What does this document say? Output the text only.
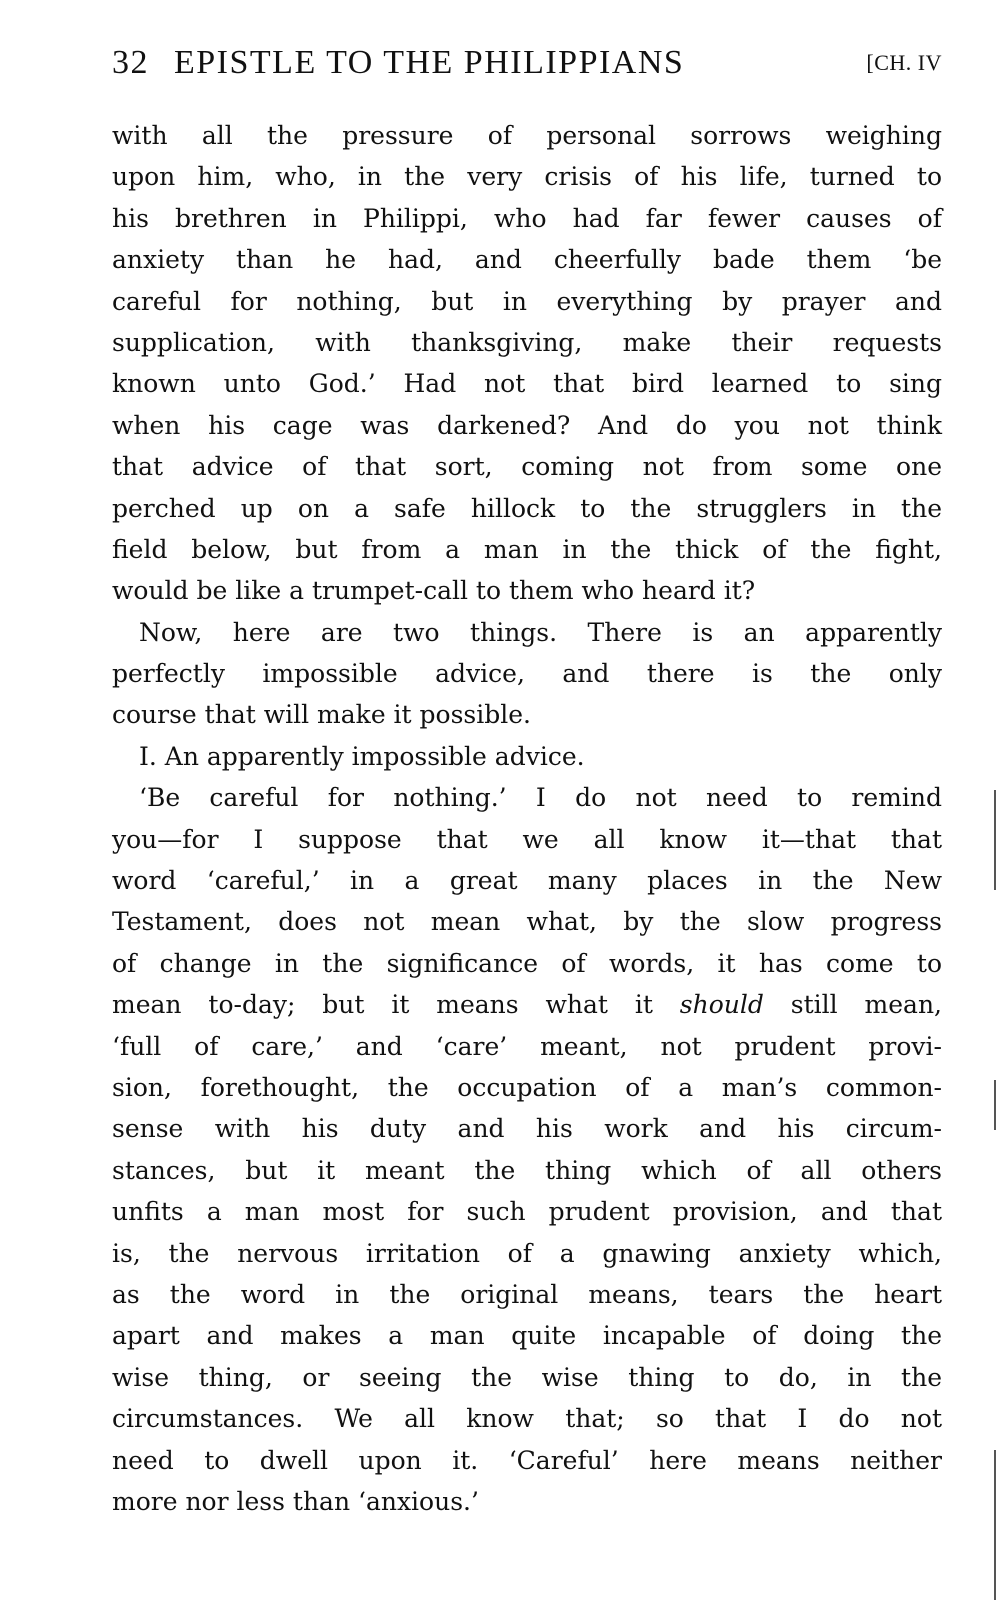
32 EPISTLE TO THE PHILIPPIANS	[CH. IV
with all the pressure of personal sorrows weighing
upon him, who, in the very crisis of his life, turned to
his brethren in Philippi, who had far fewer causes of
anxiety than he had, and cheerfully bade them ‘be
careful for nothing, but in everything by prayer and
supplication, with thanksgiving, make their requests
known unto God.’ Had not that bird learned to sing
when his cage was darkened? And do you not think
that advice of that sort, coming not from some one
perched up on a safe hillock to the strugglers in the
field below, but from a man in the thick of the fight,
would be like a trumpet-call to them who heard it?
Now, here are two things. There is an apparently
perfectly impossible advice, and there is the only
course that will make it possible.
I. An apparently impossible advice.
‘Be careful for nothing.’ I do not need to remind
you—for I suppose that we all know it—that that
word ‘careful,’ in a great many places in the New
Testament, does not mean what, by the slow progress
of change in the significance of words, it has come to
mean to-day; but it means what it should still mean,
‘full of care,’ and ‘care’ meant, not prudent provi-
sion, forethought, the occupation of a man’s common-
sense with his duty and his work and his circum-
stances, but it meant the thing which of all others
unfits a man most for such prudent provision, and that
is, the nervous irritation of a gnawing anxiety which,
as the word in the original means, tears the heart
apart and makes a man quite incapable of doing the
wise thing, or seeing the wise thing to do, in the
circumstances. We all know that; so that I do not
need to dwell upon it. ‘Careful’ here means neither
more nor less than ‘anxious.’
